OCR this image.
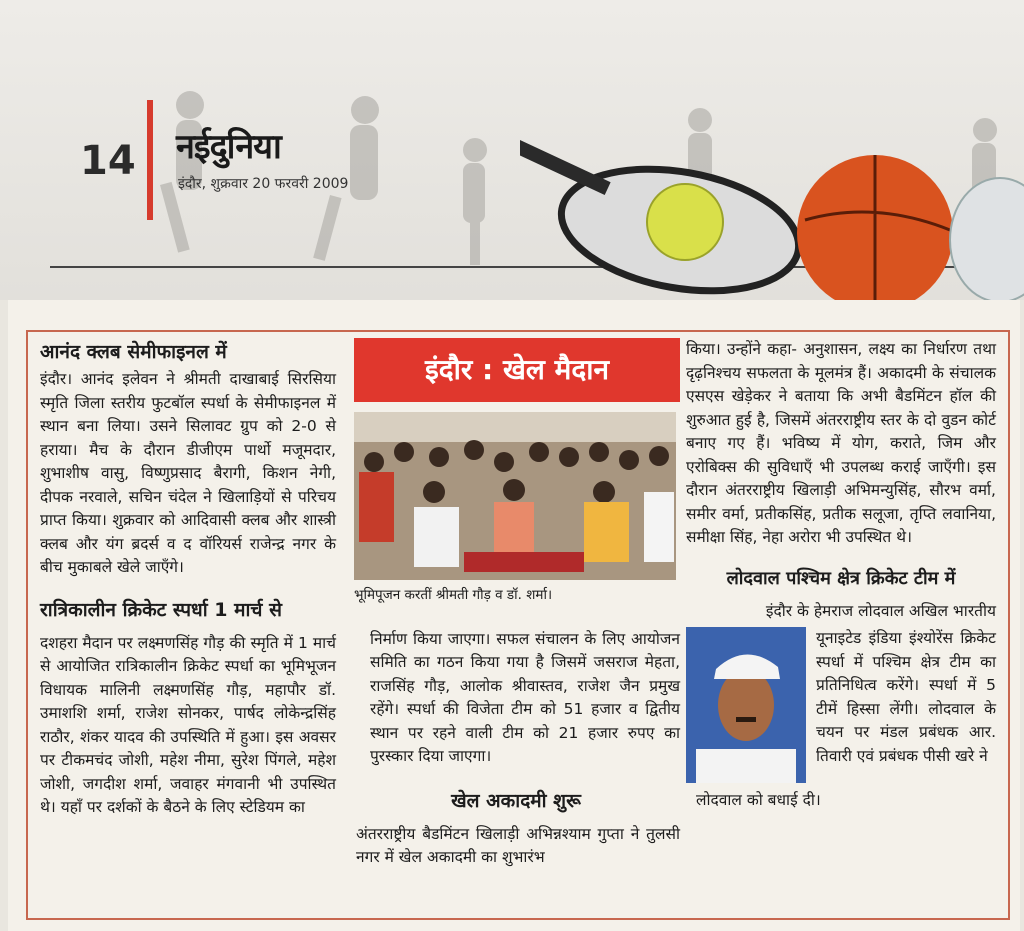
14 नईदुनिया
इंदौर, शुक्रवार 20 फरवरी 2009
आनंद क्लब सेमीफाइनल में

इंदौर। आनंद इलेवन ने श्रीमती दाखाबाई सिरसिया स्मृति जिला स्तरीय फुटबॉल स्पर्धा के सेमीफाइनल में स्थान बना लिया। उसने सिलावट ग्रुप को 2-0 से हराया। मैच के दौरान डीजीएम पार्थो मजूमदार, शुभाशीष वासु, विष्णुप्रसाद बैरागी, किशन नेगी, दीपक नरवाले, सचिन चंदेल ने खिलाड़ियों से परिचय प्राप्त किया। शुक्रवार को आदिवासी क्लब और शास्त्री क्लब और यंग ब्रदर्स व द वॉरियर्स राजेन्द्र नगर के बीच मुकाबले खेले जाएँगे।

रात्रिकालीन क्रिकेट स्पर्धा 1 मार्च से

दशहरा मैदान पर लक्ष्मणसिंह गौड़ की स्मृति में 1 मार्च से आयोजित रात्रिकालीन क्रिकेट स्पर्धा का भूमिभूजन विधायक मालिनी लक्ष्मणसिंह गौड़, महापौर डॉ. उमाशशि शर्मा, राजेश सोनकर, पार्षद लोकेन्द्रसिंह राठौर, शंकर यादव की उपस्थिति में हुआ। इस अवसर पर टीकमचंद जोशी, महेश नीमा, सुरेश पिंगले, महेश जोशी, जगदीश शर्मा, जवाहर मंगवानी भी उपस्थित थे। यहाँ पर दर्शकों के बैठने के लिए स्टेडियम का

इंदौर : खेल मैदान
भूमिपूजन करतीं श्रीमती गौड़ व डॉ. शर्मा।

निर्माण किया जाएगा। सफल संचालन के लिए आयोजन समिति का गठन किया गया है जिसमें जसराज मेहता, राजसिंह गौड़, आलोक श्रीवास्तव, राजेश जैन प्रमुख रहेंगे। स्पर्धा की विजेता टीम को 51 हजार व द्वितीय स्थान पर रहने वाली टीम को 21 हजार रुपए का पुरस्कार दिया जाएगा।

खेल अकादमी शुरू

अंतरराष्ट्रीय बैडमिंटन खिलाड़ी अभिन्नश्याम गुप्ता ने तुलसी नगर में खेल अकादमी का शुभारंभ

किया। उन्होंने कहा- अनुशासन, लक्ष्य का निर्धारण तथा दृढ़निश्चय सफलता के मूलमंत्र हैं। अकादमी के संचालक एसएस खेड़ेकर ने बताया कि अभी बैडमिंटन हॉल की शुरुआत हुई है, जिसमें अंतरराष्ट्रीय स्तर के दो वुडन कोर्ट बनाए गए हैं। भविष्य में योग, कराते, जिम और एरोबिक्स की सुविधाएँ भी उपलब्ध कराई जाएँगी। इस दौरान अंतरराष्ट्रीय खिलाड़ी अभिमन्युसिंह, सौरभ वर्मा, समीर वर्मा, प्रतीकसिंह, प्रतीक सलूजा, तृप्ति लवानिया, समीक्षा सिंह, नेहा अरोरा भी उपस्थित थे।

लोदवाल पश्चिम क्षेत्र क्रिकेट टीम में

इंदौर के हेमराज लोदवाल अखिल भारतीय

यूनाइटेड इंडिया इंश्योरेंस क्रिकेट स्पर्धा में पश्चिम क्षेत्र टीम का प्रतिनिधित्व करेंगे। स्पर्धा में 5 टीमें हिस्सा लेंगी। लोदवाल के चयन पर मंडल प्रबंधक आर. तिवारी एवं प्रबंधक पीसी खरे ने

लोदवाल को बधाई दी।
